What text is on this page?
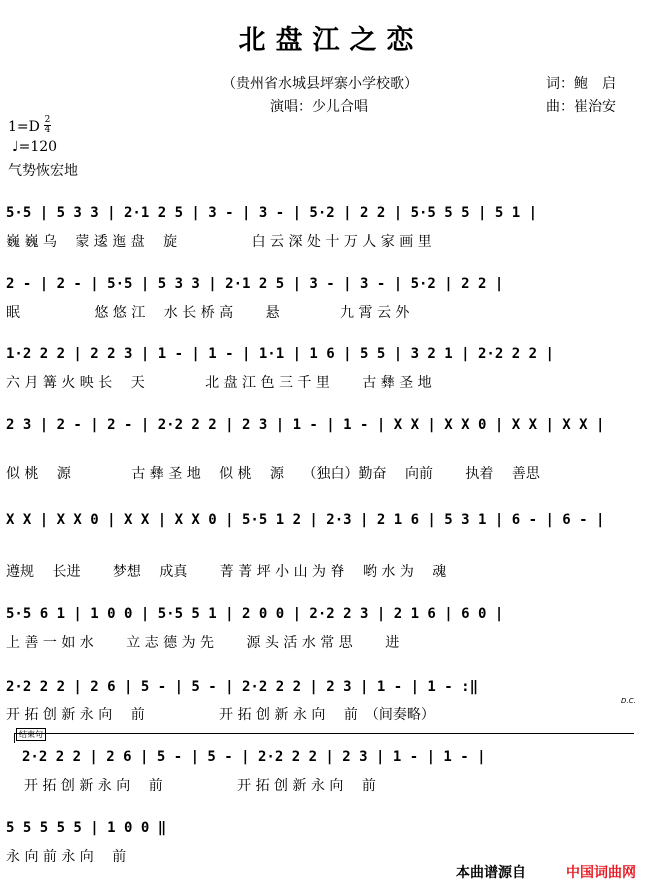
北盘江之恋
（贵州省水城县坪寨小学校歌）
演唱：少儿合唱
词：鲍　启
曲：崔治安
1=D 2
4
♩=120
气势恢宏地
5·5 | 5 3 3 | 2·1 2 5 | 3 - | 3 - | 5·2 | 2 2 | 5·5 5 5 | 5 1 |
巍 巍 乌　 蒙 逶 迤 盘　 旋　　　　　 白 云 深 处 十 万 人 家 画 里
2 - | 2 - | 5·5 | 5 3 3 | 2·1 2 5 | 3 - | 3 - | 5·2 | 2 2 |
眠　　　　　 悠 悠 江　 水 长 桥 高　　 悬　　　　 九 霄 云 外
1·2 2 2 | 2 2 3 | 1 - | 1 - | 1·1 | 1 6 | 5 5 | 3 2 1 | 2·2 2 2 |
六 月 篝 火 映 长　 天　　　　 北 盘 江 色 三 千 里　　 古 彝 圣 地
2 3 | 2 - | 2 - | 2·2 2 2 | 2 3 | 1 - | 1 - | X X | X X 0 | X X | X X |
似 桃　 源　　　　 古 彝 圣 地　 似 桃　 源　 （独白）勤奋　 向前　　 执着　 善思
X X | X X 0 | X X | X X 0 | 5·5 1 2 | 2·3 | 2 1 6 | 5 3 1 | 6 - | 6 - |
遵规　 长进　　 梦想　 成真　　 菁 菁 坪 小 山 为 脊　 哟 水 为　 魂
5·5 6 1 | 1 0 0 | 5·5 5 1 | 2 0 0 | 2·2 2 3 | 2 1 6 | 6 0 |
上 善 一 如 水　　 立 志 德 为 先　　 源 头 活 水 常 思　　 进
2·2 2 2 | 2 6 | 5 - | 5 - | 2·2 2 2 | 2 3 | 1 - | 1 - :‖
开 拓 创 新 永 向　 前　　　　　 开 拓 创 新 永 向　 前　（间奏略）
D.C.
结束句
2·2 2 2 | 2 6 | 5 - | 5 - | 2·2 2 2 | 2 3 | 1 - | 1 - |
开 拓 创 新 永 向　 前　　　　　 开 拓 创 新 永 向　 前
5 5 5 5 5 | 1 0 0 ‖
永 向 前 永 向　 前
本曲谱源自	中国词曲网
